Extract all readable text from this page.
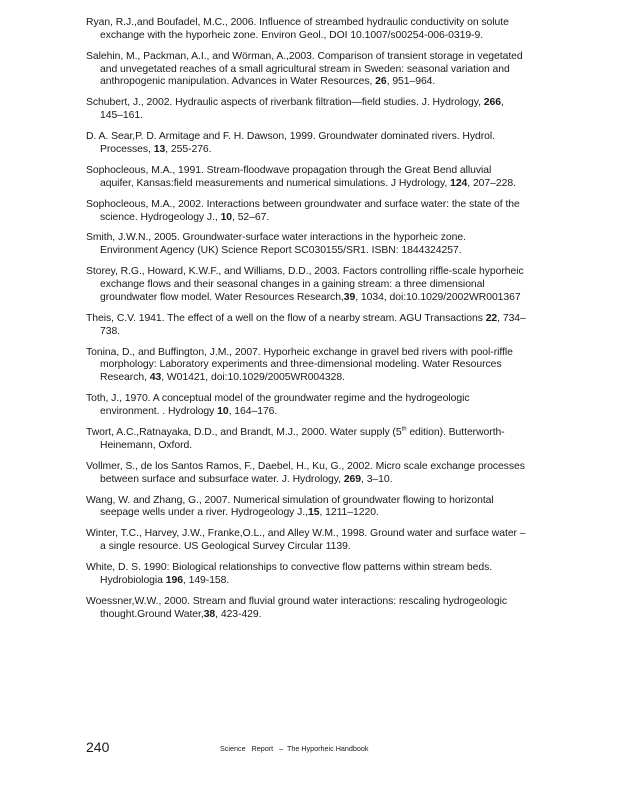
Ryan, R.J.,and Boufadel, M.C., 2006. Influence of streambed hydraulic conductivity on solute exchange with the hyporheic zone. Environ Geol., DOI 10.1007/s00254-006-0319-9.
Salehin, M., Packman, A.I., and Wörman, A.,2003. Comparison of transient storage in vegetated and unvegetated reaches of a small agricultural stream in Sweden: seasonal variation and anthropogenic manipulation. Advances in Water Resources, 26, 951–964.
Schubert, J., 2002. Hydraulic aspects of riverbank filtration—field studies. J. Hydrology, 266, 145–161.
D. A. Sear,P. D. Armitage and F. H. Dawson, 1999. Groundwater dominated rivers. Hydrol. Processes, 13, 255-276.
Sophocleous, M.A., 1991. Stream-floodwave propagation through the Great Bend alluvial aquifer, Kansas:field measurements and numerical simulations. J Hydrology, 124, 207–228.
Sophocleous, M.A., 2002. Interactions between groundwater and surface water: the state of the science. Hydrogeology J., 10, 52–67.
Smith, J.W.N., 2005. Groundwater-surface water interactions in the hyporheic zone. Environment Agency (UK) Science Report SC030155/SR1. ISBN: 1844324257.
Storey, R.G., Howard, K.W.F., and Williams, D.D., 2003. Factors controlling riffle-scale hyporheic exchange flows and their seasonal changes in a gaining stream: a three dimensional groundwater flow model. Water Resources Research,39, 1034, doi:10.1029/2002WR001367
Theis, C.V. 1941. The effect of a well on the flow of a nearby stream. AGU Transactions 22, 734–738.
Tonina, D., and Buffington, J.M., 2007. Hyporheic exchange in gravel bed rivers with pool-riffle morphology: Laboratory experiments and three-dimensional modeling. Water Resources Research, 43, W01421, doi:10.1029/2005WR004328.
Toth, J., 1970. A conceptual model of the groundwater regime and the hydrogeologic environment. . Hydrology 10, 164–176.
Twort, A.C.,Ratnayaka, D.D., and Brandt, M.J., 2000. Water supply (5th edition). Butterworth-Heinemann, Oxford.
Vollmer, S., de los Santos Ramos, F., Daebel, H., Ku, G., 2002. Micro scale exchange processes between surface and subsurface water. J. Hydrology, 269, 3–10.
Wang, W. and Zhang, G., 2007. Numerical simulation of groundwater flowing to horizontal seepage wells under a river. Hydrogeology J.,15, 1211–1220.
Winter, T.C., Harvey, J.W., Franke,O.L., and Alley W.M., 1998. Ground water and surface water – a single resource. US Geological Survey Circular 1139.
White, D. S. 1990: Biological relationships to convective flow patterns within stream beds. Hydrobiologia 196, 149-158.
Woessner,W.W., 2000. Stream and fluvial ground water interactions: rescaling hydrogeologic thought.Ground Water,38, 423-429.
240	Science   Report   –  The Hyporheic Handbook
